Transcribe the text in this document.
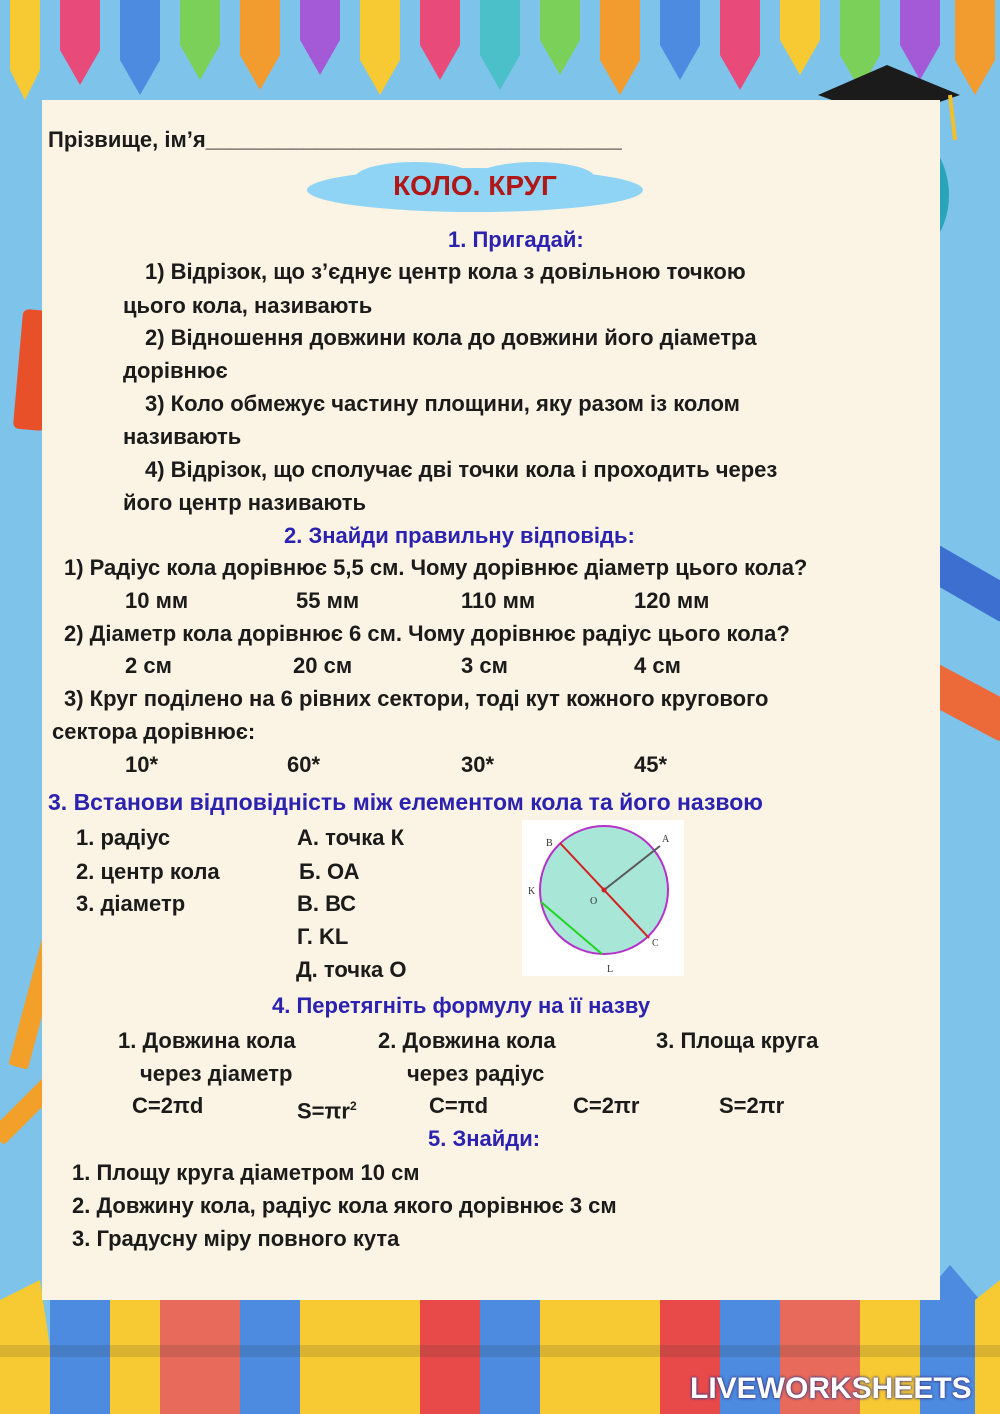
Прізвище, ім’я__________________________________
КОЛО. КРУГ
1. Пригадай:
1) Відрізок, що з’єднує центр кола з довільною точкою
цього кола, називають
2) Відношення довжини кола до довжини його діаметра
дорівнює
3) Коло обмежує частину площини, яку разом із колом
називають
4) Відрізок, що сполучає дві точки кола і проходить через
його центр називають
2. Знайди правильну відповідь:
1) Радіус кола дорівнює 5,5 см. Чому дорівнює діаметр цього кола?
10 мм	55 мм	110 мм	120 мм
2) Діаметр кола дорівнює 6 см. Чому дорівнює радіус цього кола?
2 см	20 см	3 см	4 см
3) Круг поділено на 6 рівних сектори, тоді кут кожного кругового
сектора дорівнює:
10*	60*	30*	45*
3. Встанови відповідність між елементом кола та його назвою
1. радіус
2. центр кола
3. діаметр
А. точка К
Б. ОА
В. ВС
Г. KL
Д. точка О
B	A
K
O
C
L
4. Перетягніть формулу на її назву
1. Довжина кола
через діаметр
2. Довжина кола
через радіус
3. Площа круга
C=2πd	$S=\pi r^2$	C=πd	C=2πr	S=2πr
5. Знайди:
1. Площу круга діаметром 10 см
2. Довжину кола, радіус кола якого дорівнює 3 см
3. Градусну міру повного кута
LIVEWORKSHEETS
